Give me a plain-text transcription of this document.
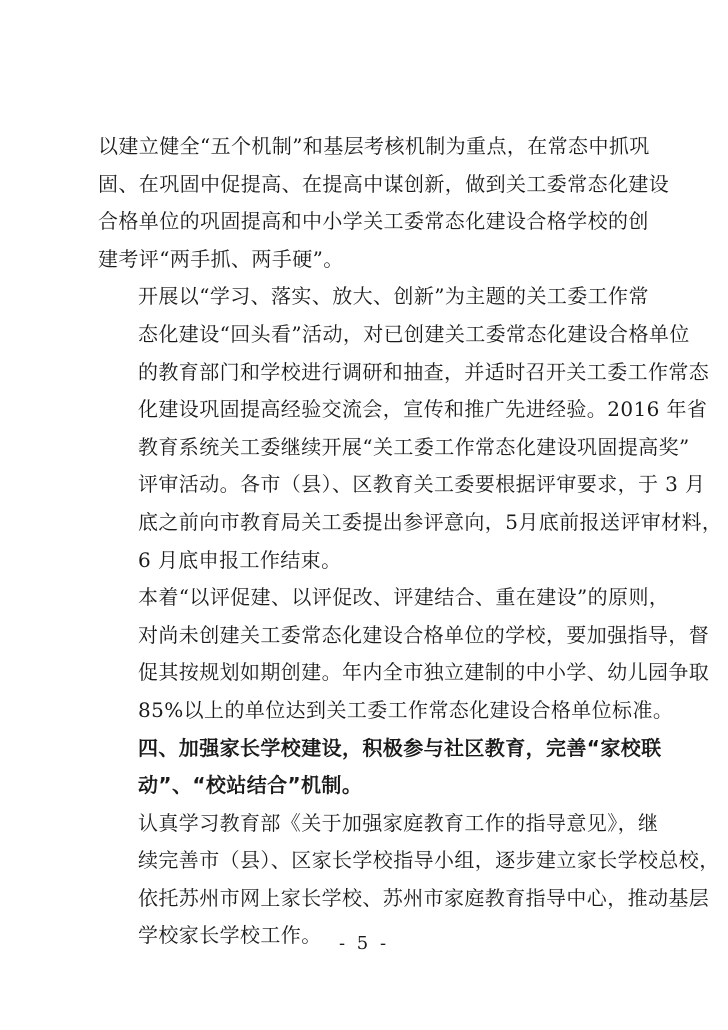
以建立健全“五个机制”和基层考核机制为重点，在常态中抓巩
固、在巩固中促提高、在提高中谋创新，做到关工委常态化建设
合格单位的巩固提高和中小学关工委常态化建设合格学校的创
建考评“两手抓、两手硬”。

开展以“学习、落实、放大、创新”为主题的关工委工作常
态化建设“回头看”活动，对已创建关工委常态化建设合格单位
的教育部门和学校进行调研和抽查，并适时召开关工委工作常态
化建设巩固提高经验交流会，宣传和推广先进经验。2016 年省
教育系统关工委继续开展“关工委工作常态化建设巩固提高奖”
评审活动。各市（县）、区教育关工委要根据评审要求，于 3 月
底之前向市教育局关工委提出参评意向，5月底前报送评审材料，
6 月底申报工作结束。

本着“以评促建、以评促改、评建结合、重在建设”的原则，
对尚未创建关工委常态化建设合格单位的学校，要加强指导，督
促其按规划如期创建。年内全市独立建制的中小学、幼儿园争取
85%以上的单位达到关工委工作常态化建设合格单位标准。

四、加强家长学校建设，积极参与社区教育，完善“家校联
动”、“校站结合”机制。

认真学习教育部《关于加强家庭教育工作的指导意见》，继
续完善市（县）、区家长学校指导小组，逐步建立家长学校总校，
依托苏州市网上家长学校、苏州市家庭教育指导中心，推动基层
学校家长学校工作。 - 5 -
